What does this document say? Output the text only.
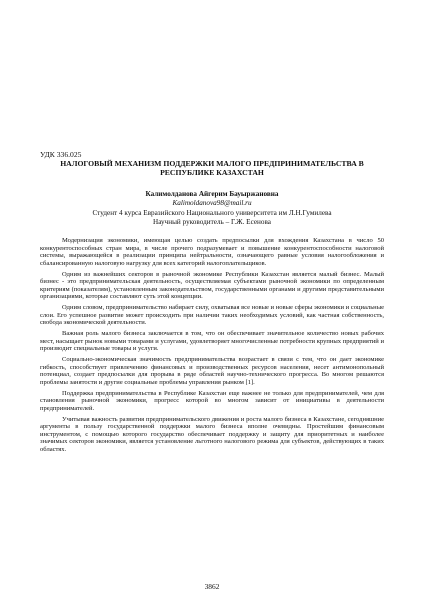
УДК 336.025
НАЛОГОВЫЙ МЕХАНИЗМ ПОДДЕРЖКИ МАЛОГО ПРЕДПРИНИМАТЕЛЬСТВА В РЕСПУБЛИКЕ КАЗАХСТАН
Калимолданова Айгерим Бауыржановна
Kalimoldanova98@mail.ru
Студент 4 курса Евразийского Национального университета им Л.Н.Гумилева
Научный руководитель – Г.Ж. Есенова

Модернизация экономики, имеющая целью создать предпосылки для вхождения Казахстана в число 50 конкурентоспособных стран мира, в числе прочего подразумевает и повышение конкурентоспособности налоговой системы, выражающейся в реализации принципа нейтральности, означающего равные условия налогообложения и сбалансированную налоговую нагрузку для всех категорий налогоплательщиков.

Одним из важнейших секторов в рыночной экономике Республики Казахстан является малый бизнес. Малый бизнес - это предпринимательская деятельность, осуществляемая субъектами рыночной экономики по определенным критериям (показателям), установленным законодательством, государственными органами и другими представительными организациями, которые составляют суть этой концепции.

Одним словом, предпринимательство набирает силу, охватывая все новые и новые сферы экономики и социальные слои. Его успешное развитие может происходить при наличии таких необходимых условий, как частная собственность, свобода экономической деятельности.

Важная роль малого бизнеса заключается в том, что он обеспечивает значительное количество новых рабочих мест, насыщает рынок новыми товарами и услугами, удовлетворяет многочисленные потребности крупных предприятий и производит специальные товары и услуги.

Социально-экономическая значимость предпринимательства возрастает в связи с тем, что он дает экономике гибкость, способствует привлечению финансовых и производственных ресурсов населения, несет антимонопольный потенциал, создает предпосылки для прорыва в ряде областей научно-технического прогресса. Во многом решаются проблемы занятости и другие социальные проблемы управления рынком [1].

Поддержка предпринимательства в Республике Казахстан еще важнее не только для предпринимателей, чем для становления рыночной экономики, прогресс которой во многом зависит от инициативы в деятельности предпринимателей.

Учитывая важность развития предпринимательского движения и роста малого бизнеса в Казахстане, сегодняшние аргументы в пользу государственной поддержки малого бизнеса вполне очевидны. Простейшим финансовым инструментом, с помощью которого государство обеспечивает поддержку и защиту для приоритетных и наиболее значимых секторов экономики, является установление льготного налогового режима для субъектов, действующих в таких областях.

3862
